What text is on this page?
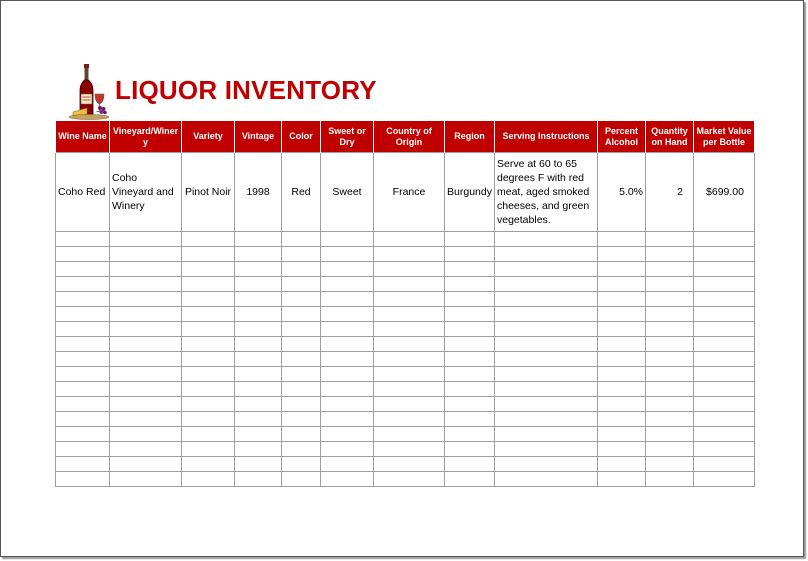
LIQUOR INVENTORY
Wine Name	Vineyard/Winery	Variety	Vintage	Color	Sweet or Dry	Country of Origin	Region	Serving Instructions	Percent Alcohol	Quantity on Hand	Market Value per Bottle
Coho Red	Coho Vineyard and Winery	Pinot Noir	1998	Red	Sweet	France	Burgundy	Serve at 60 to 65 degrees F with red meat, aged smoked cheeses, and green vegetables.	5.0%	2	$699.00
